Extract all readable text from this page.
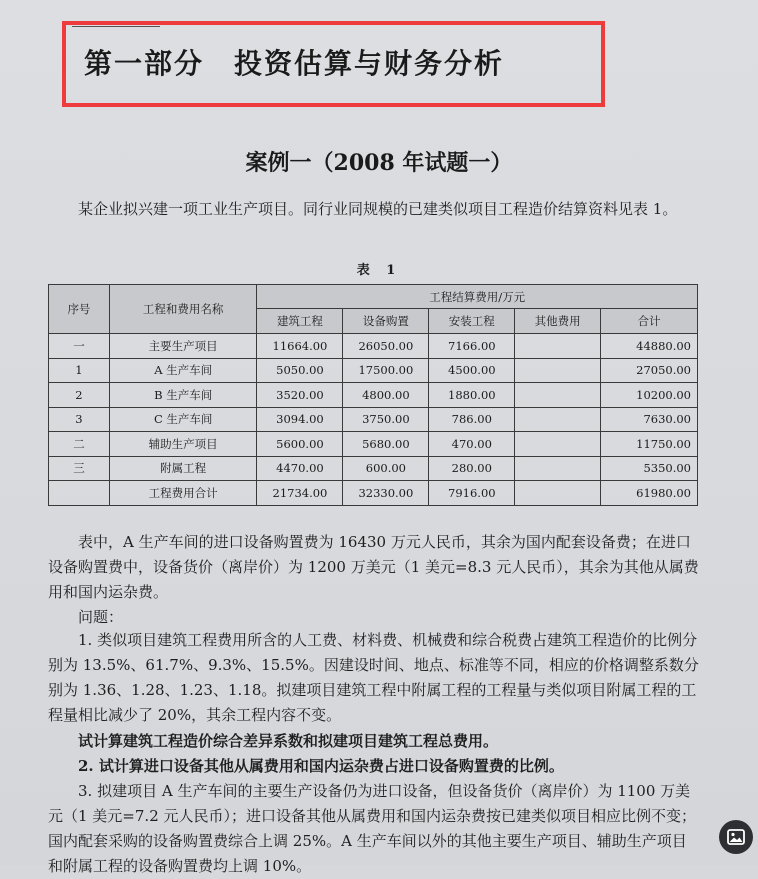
第一部分　投资估算与财务分析
案例一（2008 年试题一）
某企业拟兴建一项工业生产项目。同行业同规模的已建类似项目工程造价结算资料见表 1。
表 1
序号	工程和费用名称	工程结算费用/万元				
		建筑工程	设备购置	安装工程	其他费用	合计
一	主要生产项目	11664.00	26050.00	7166.00		44880.00
1	A 生产车间	5050.00	17500.00	4500.00		27050.00
2	B 生产车间	3520.00	4800.00	1880.00		10200.00
3	C 生产车间	3094.00	3750.00	786.00		7630.00
二	辅助生产项目	5600.00	5680.00	470.00		11750.00
三	附属工程	4470.00	600.00	280.00		5350.00
	工程费用合计	21734.00	32330.00	7916.00		61980.00
表中，A 生产车间的进口设备购置费为 16430 万元人民币，其余为国内配套设备费；在进口设备购置费中，设备货价（离岸价）为 1200 万美元（1 美元=8.3 元人民币），其余为其他从属费用和国内运杂费。
问题：
1. 类似项目建筑工程费用所含的人工费、材料费、机械费和综合税费占建筑工程造价的比例分别为 13.5%、61.7%、9.3%、15.5%。因建设时间、地点、标准等不同，相应的价格调整系数分别为 1.36、1.28、1.23、1.18。拟建项目建筑工程中附属工程的工程量与类似项目附属工程的工程量相比减少了 20%，其余工程内容不变。
试计算建筑工程造价综合差异系数和拟建项目建筑工程总费用。
2. 试计算进口设备其他从属费用和国内运杂费占进口设备购置费的比例。
3. 拟建项目 A 生产车间的主要生产设备仍为进口设备，但设备货价（离岸价）为 1100 万美元（1 美元=7.2 元人民币）；进口设备其他从属费用和国内运杂费按已建类似项目相应比例不变；国内配套采购的设备购置费综合上调 25%。A 生产车间以外的其他主要生产项目、辅助生产项目和附属工程的设备购置费均上调 10%。
